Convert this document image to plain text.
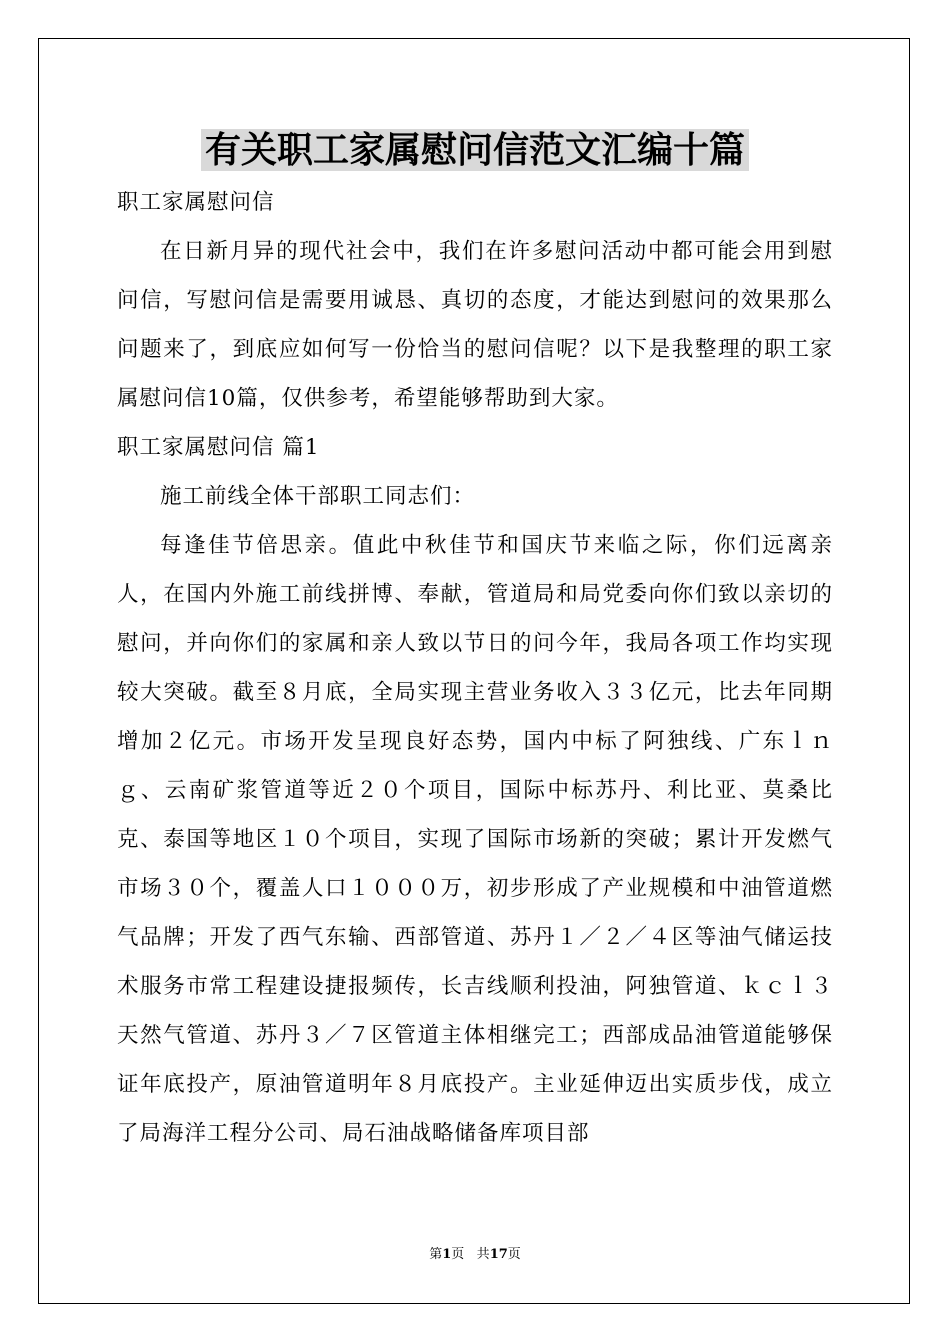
有关职工家属慰问信范文汇编十篇

职工家属慰问信

在日新月异的现代社会中，我们在许多慰问活动中都可能会用到慰问信，写慰问信是需要用诚恳、真切的态度，才能达到慰问的效果那么问题来了，到底应如何写一份恰当的慰问信呢？以下是我整理的职工家属慰问信10篇，仅供参考，希望能够帮助到大家。

职工家属慰问信 篇1

施工前线全体干部职工同志们：

每逢佳节倍思亲。值此中秋佳节和国庆节来临之际，你们远离亲人，在国内外施工前线拼博、奉献，管道局和局党委向你们致以亲切的慰问，并向你们的家属和亲人致以节日的问今年，我局各项工作均实现较大突破。截至８月底，全局实现主营业务收入３３亿元，比去年同期增加２亿元。市场开发呈现良好态势，国内中标了阿独线、广东ｌｎｇ、云南矿浆管道等近２０个项目，国际中标苏丹、利比亚、莫桑比克、泰国等地区１０个项目，实现了国际市场新的突破；累计开发燃气市场３０个，覆盖人口１０００万，初步形成了产业规模和中油管道燃气品牌；开发了西气东输、西部管道、苏丹１／２／４区等油气储运技术服务市常工程建设捷报频传，长吉线顺利投油，阿独管道、ｋｃｌ３天然气管道、苏丹３／７区管道主体相继完工；西部成品油管道能够保证年底投产，原油管道明年８月底投产。主业延伸迈出实质步伐，成立了局海洋工程分公司、局石油战略储备库项目部

第1页 共17页
